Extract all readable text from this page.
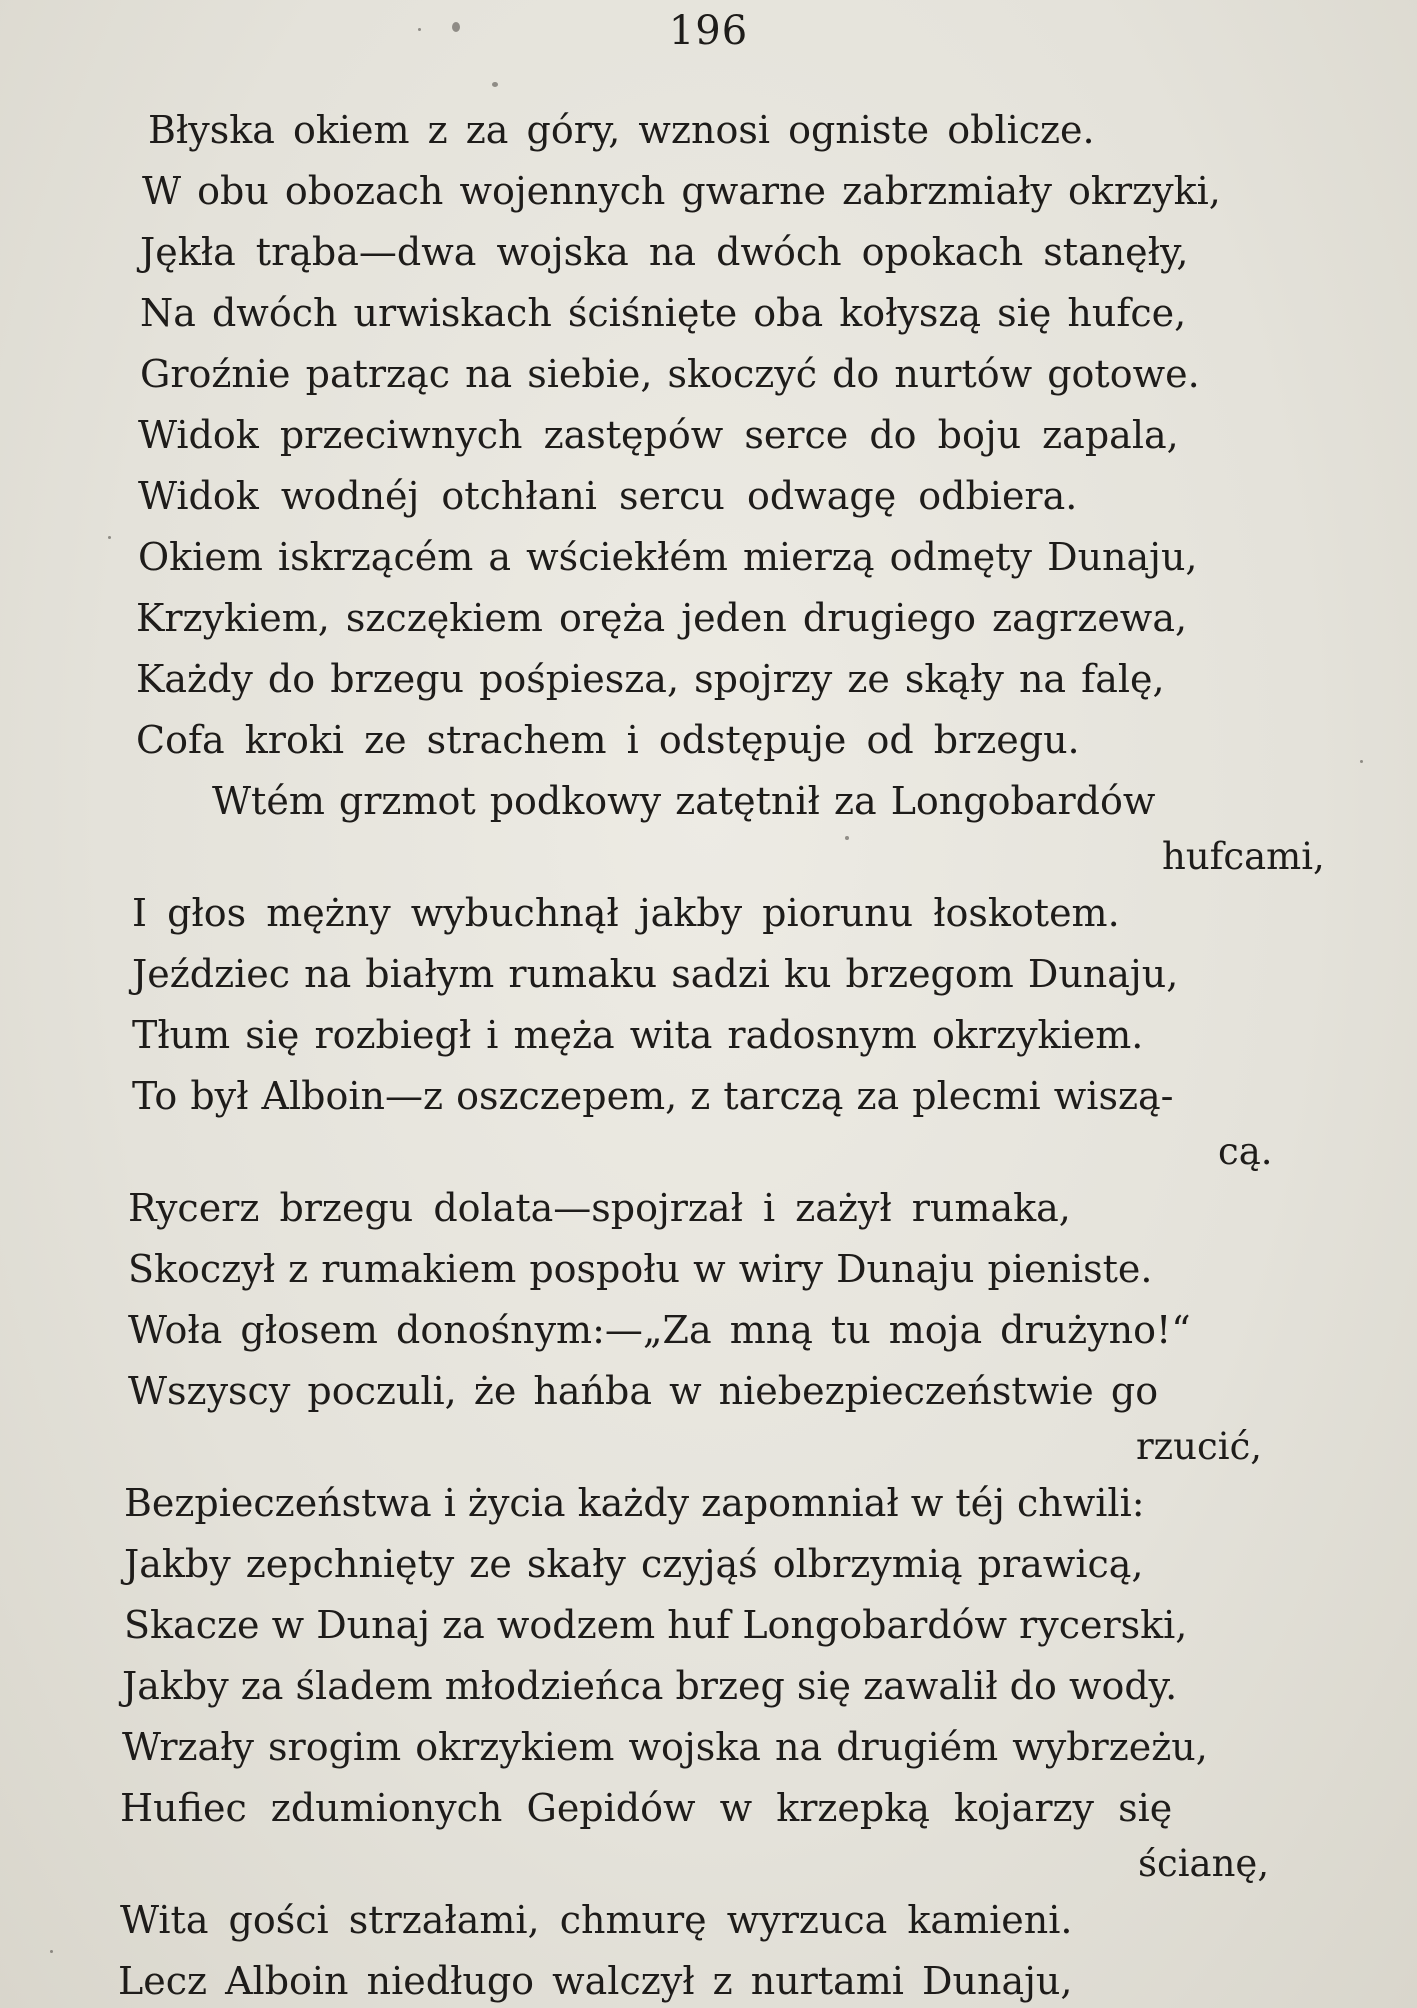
196
Błyska okiem z za góry, wznosi ogniste oblicze.
W obu obozach wojennych gwarne zabrzmiały okrzyki,
Jękła trąba—dwa wojska na dwóch opokach stanęły,
Na dwóch urwiskach ściśnięte oba kołyszą się hufce,
Groźnie patrząc na siebie, skoczyć do nurtów gotowe.
Widok przeciwnych zastępów serce do boju zapala,
Widok wodnéj otchłani sercu odwagę odbiera.
Okiem iskrzącém a wściekłém mierzą odmęty Dunaju,
Krzykiem, szczękiem oręża jeden drugiego zagrzewa,
Każdy do brzegu pośpiesza, spojrzy ze skąły na falę,
Cofa kroki ze strachem i odstępuje od brzegu.
Wtém grzmot podkowy zatętnił za Longobardów
hufcami,
I głos mężny wybuchnął jakby piorunu łoskotem.
Jeździec na białym rumaku sadzi ku brzegom Dunaju,
Tłum się rozbiegł i męża wita radosnym okrzykiem.
To był Alboin—z oszczepem, z tarczą za plecmi wiszą-
cą.
Rycerz brzegu dolata—spojrzał i zażył rumaka,
Skoczył z rumakiem pospołu w wiry Dunaju pieniste.
Woła głosem donośnym:—„Za mną tu moja drużyno!“
Wszyscy poczuli, że hańba w niebezpieczeństwie go
rzucić,
Bezpieczeństwa i życia każdy zapomniał w téj chwili:
Jakby zepchnięty ze skały czyjąś olbrzymią prawicą,
Skacze w Dunaj za wodzem huf Longobardów rycerski,
Jakby za śladem młodzieńca brzeg się zawalił do wody.
Wrzały srogim okrzykiem wojska na drugiém wybrzeżu,
Hufiec zdumionych Gepidów w krzepką kojarzy się
ścianę,
Wita gości strzałami, chmurę wyrzuca kamieni.
Lecz Alboin niedługo walczył z nurtami Dunaju,
